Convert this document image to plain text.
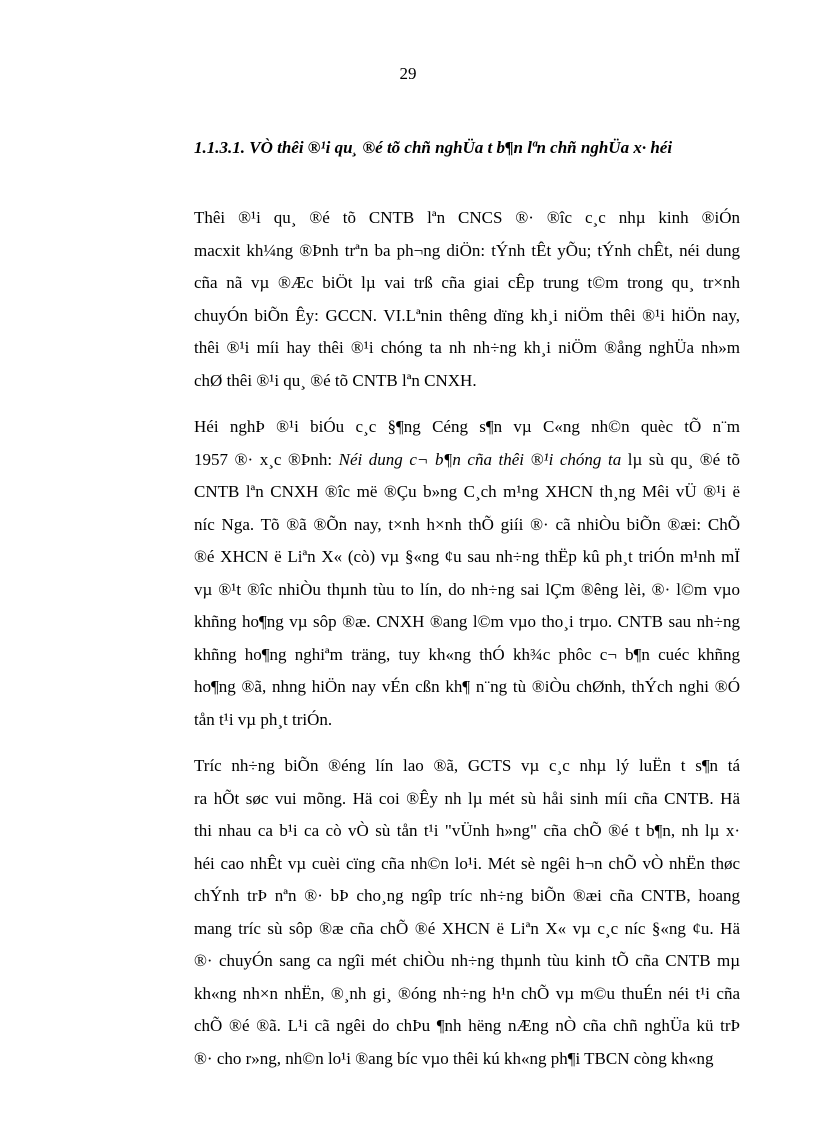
29
1.1.3.1. VÒ thêi ®¹i qu¸ ®é tõ chñ nghÜa t b¶n lªn chñ nghÜa x· héi

Thêi ®¹i qu¸ ®é tõ CNTB lªn CNCS ®· ®îc c¸c nhµ kinh ®iÓn
macxit kh¼ng ®Þnh trªn ba ph¬ng diÖn: tÝnh tÊt yÕu; tÝnh chÊt, néi dung
cña nã vµ ®Æc biÖt lµ vai trß cña giai cÊp trung t©m trong qu¸ tr×nh
chuyÓn biÕn Êy: GCCN. VI.Lªnin thêng dïng kh¸i niÖm thêi ®¹i hiÖn nay,
thêi ®¹i míi hay thêi ®¹i chóng ta nh nh÷ng kh¸i niÖm ®ång nghÜa nh»m
chØ thêi ®¹i qu¸ ®é tõ CNTB lªn CNXH.

Héi nghÞ ®¹i biÓu c¸c §¶ng Céng s¶n vµ C«ng nh©n quèc tÕ n¨m
1957 ®· x¸c ®Þnh: Néi dung c¬ b¶n cña thêi ®¹i chóng ta lµ sù qu¸ ®é tõ
CNTB lªn CNXH ®îc më ®Çu b»ng C¸ch m¹ng XHCN th¸ng Mêi vÜ ®¹i ë
níc Nga. Tõ ®ã ®Õn nay, t×nh h×nh thÕ giíi ®· cã nhiÒu biÕn ®æi: ChÕ
®é XHCN ë Liªn X« (cò) vµ §«ng ¢u sau nh÷ng thËp kû ph¸t triÓn m¹nh mÏ
vµ ®¹t ®îc nhiÒu thµnh tùu to lín, do nh÷ng sai lÇm ®êng lèi, ®· l©m vµo
khñng ho¶ng vµ sôp ®æ. CNXH ®ang l©m vµo tho¸i trµo. CNTB sau nh÷ng
khñng ho¶ng nghiªm träng, tuy kh«ng thÓ kh¾c phôc c¬ b¶n cuéc khñng
ho¶ng ®ã, nhng hiÖn nay vÉn cßn kh¶ n¨ng tù ®iÒu chØnh, thÝch nghi ®Ó
tån t¹i vµ ph¸t triÓn.

Tríc nh÷ng biÕn ®éng lín lao ®ã, GCTS vµ c¸c nhµ lý luËn t s¶n tá
ra hÕt søc vui mõng. Hä coi ®Êy nh lµ mét sù håi sinh míi cña CNTB. Hä
thi nhau ca b¹i ca cò vÒ sù tån t¹i "vÜnh h»ng" cña chÕ ®é t b¶n, nh lµ x·
héi cao nhÊt vµ cuèi cïng cña nh©n lo¹i. Mét sè ngêi h¬n chÕ vÒ nhËn thøc
chÝnh trÞ nªn ®· bÞ cho¸ng ngîp tríc nh÷ng biÕn ®æi cña CNTB, hoang
mang tríc sù sôp ®æ cña chÕ ®é XHCN ë Liªn X« vµ c¸c níc §«ng ¢u. Hä
®· chuyÓn sang ca ngîi mét chiÒu nh÷ng thµnh tùu kinh tÕ cña CNTB mµ
kh«ng nh×n nhËn, ®¸nh gi¸ ®óng nh÷ng h¹n chÕ vµ m©u thuÉn néi t¹i cña
chÕ ®é ®ã. L¹i cã ngêi do chÞu ¶nh hëng nÆng nÒ cña chñ nghÜa kü trÞ
®· cho r»ng, nh©n lo¹i ®ang bíc vµo thêi kú kh«ng ph¶i TBCN còng kh«ng
